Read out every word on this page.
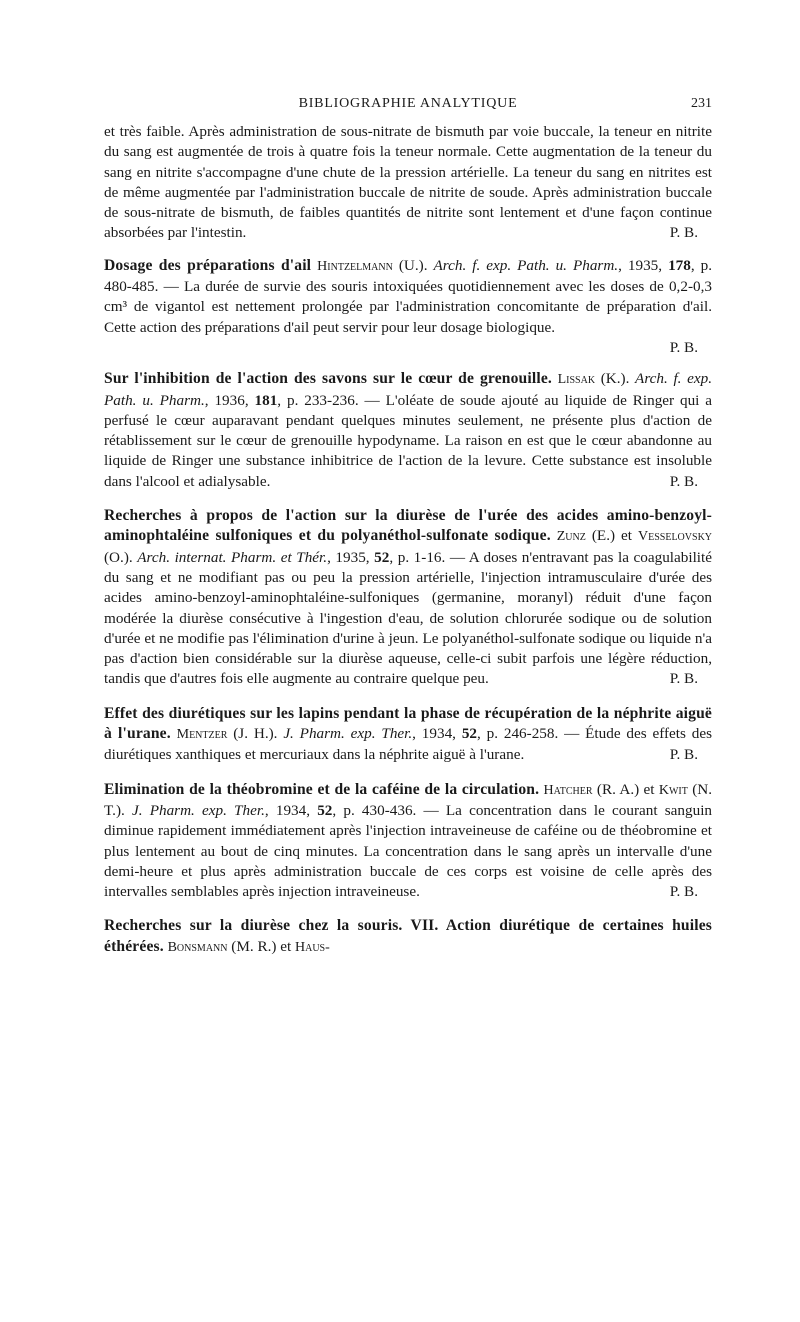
BIBLIOGRAPHIE ANALYTIQUE	231

et très faible. Après administration de sous-nitrate de bismuth par voie buccale, la teneur en nitrite du sang est augmentée de trois à quatre fois la teneur normale. Cette augmentation de la teneur du sang en nitrite s'accompagne d'une chute de la pression artérielle. La teneur du sang en nitrites est de même augmentée par l'administration buccale de nitrite de soude. Après administration buccale de sous-nitrate de bismuth, de faibles quantités de nitrite sont lentement et d'une façon continue absorbées par l'intestin.	P. B.

Dosage des préparations d'ail Hintzelmann (U.). Arch. f. exp. Path. u. Pharm., 1935, 178, p. 480-485. — La durée de survie des souris intoxiquées quotidiennement avec les doses de 0,2-0,3 cm³ de vigantol est nettement prolongée par l'administration concomitante de préparation d'ail. Cette action des préparations d'ail peut servir pour leur dosage biologique.

P. B.

Sur l'inhibition de l'action des savons sur le cœur de grenouille. Lissak (K.). Arch. f. exp. Path. u. Pharm., 1936, 181, p. 233-236. — L'oléate de soude ajouté au liquide de Ringer qui a perfusé le cœur auparavant pendant quelques minutes seulement, ne présente plus d'action de rétablissement sur le cœur de grenouille hypodyname. La raison en est que le cœur abandonne au liquide de Ringer une substance inhibitrice de l'action de la levure. Cette substance est insoluble dans l'alcool et adialysable.	P. B.

Recherches à propos de l'action sur la diurèse de l'urée des acides amino-benzoyl-aminophtaléine sulfoniques et du polyanéthol-sulfonate sodique. Zunz (E.) et Vesselovsky (O.). Arch. internat. Pharm. et Thér., 1935, 52, p. 1-16. — A doses n'entravant pas la coagulabilité du sang et ne modifiant pas ou peu la pression artérielle, l'injection intramusculaire d'urée des acides amino-benzoyl-aminophtaléine-sulfoniques (germanine, moranyl) réduit d'une façon modérée la diurèse consécutive à l'ingestion d'eau, de solution chlorurée sodique ou de solution d'urée et ne modifie pas l'élimination d'urine à jeun. Le polyanéthol-sulfonate sodique ou liquide n'a pas d'action bien considérable sur la diurèse aqueuse, celle-ci subit parfois une légère réduction, tandis que d'autres fois elle augmente au contraire quelque peu.	P. B.

Effet des diurétiques sur les lapins pendant la phase de récupération de la néphrite aiguë à l'urane. Mentzer (J. H.). J. Pharm. exp. Ther., 1934, 52, p. 246-258. — Étude des effets des diurétiques xanthiques et mercuriaux dans la néphrite aiguë à l'urane.	P. B.

Elimination de la théobromine et de la caféine de la circulation. Hatcher (R. A.) et Kwit (N. T.). J. Pharm. exp. Ther., 1934, 52, p. 430-436. — La concentration dans le courant sanguin diminue rapidement immédiatement après l'injection intraveineuse de caféine ou de théobromine et plus lentement au bout de cinq minutes. La concentration dans le sang après un intervalle d'une demi-heure et plus après administration buccale de ces corps est voisine de celle après des intervalles semblables après injection intraveineuse.	P. B.

Recherches sur la diurèse chez la souris. VII. Action diurétique de certaines huiles éthérées. Bonsmann (M. R.) et Haus-
